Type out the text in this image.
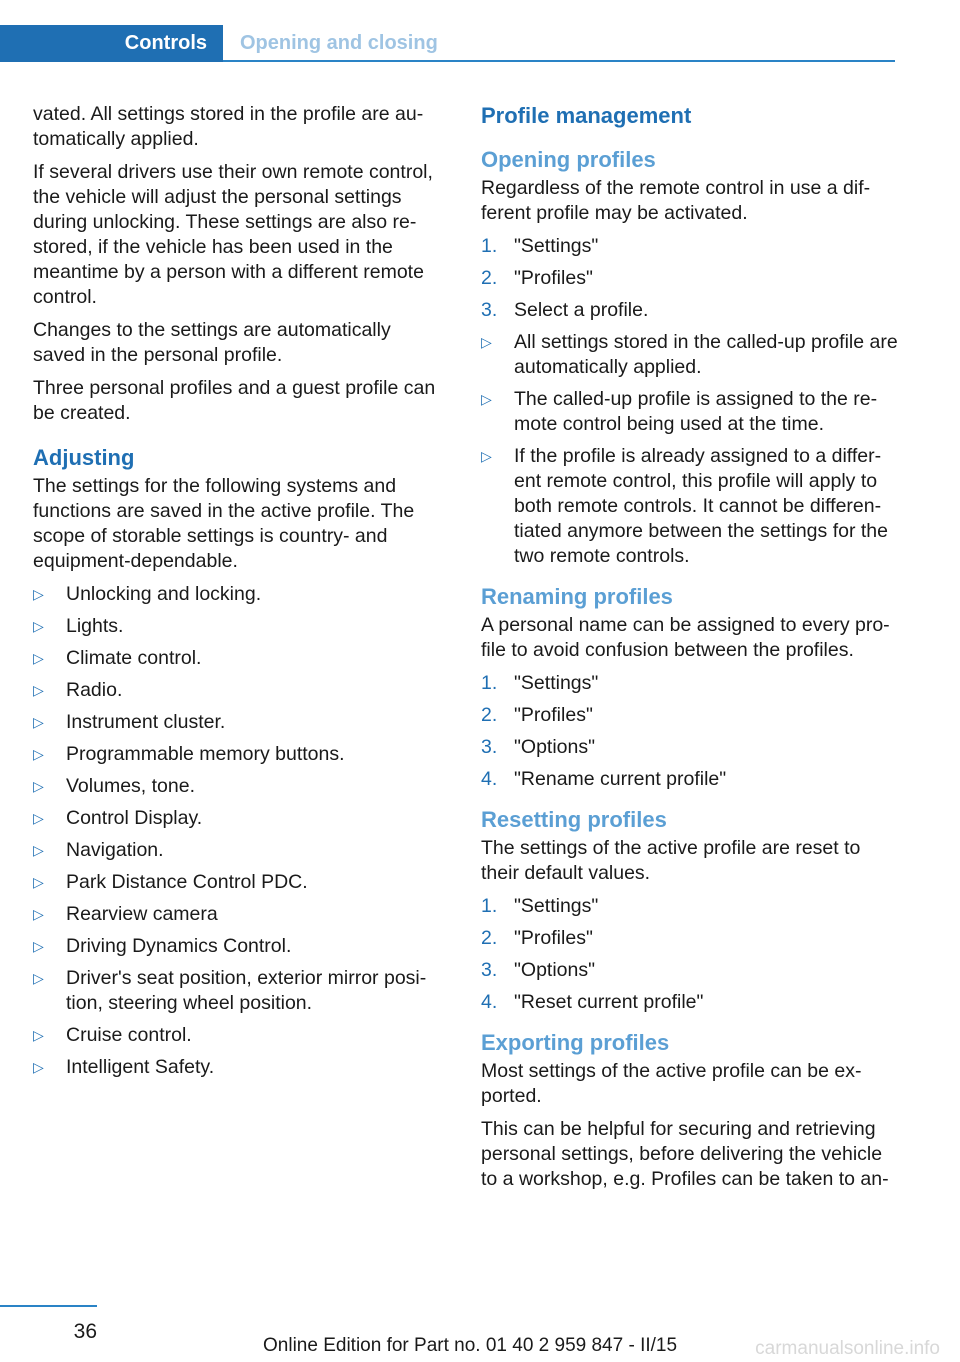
Controls	Opening and closing

vated. All settings stored in the profile are au-tomatically applied.

If several drivers use their own remote control, the vehicle will adjust the personal settings during unlocking. These settings are also re-stored, if the vehicle has been used in the meantime by a person with a different remote control.

Changes to the settings are automatically saved in the personal profile.

Three personal profiles and a guest profile can be created.

Adjusting

The settings for the following systems and functions are saved in the active profile. The scope of storable settings is country- and equipment-dependable.

▷ Unlocking and locking.
▷ Lights.
▷ Climate control.
▷ Radio.
▷ Instrument cluster.
▷ Programmable memory buttons.
▷ Volumes, tone.
▷ Control Display.
▷ Navigation.
▷ Park Distance Control PDC.
▷ Rearview camera
▷ Driving Dynamics Control.
▷ Driver's seat position, exterior mirror posi-tion, steering wheel position.
▷ Cruise control.
▷ Intelligent Safety.
Profile management
Opening profiles

Regardless of the remote control in use a dif-ferent profile may be activated.

1. "Settings"
2. "Profiles"
3. Select a profile.
▷ All settings stored in the called-up profile are automatically applied.
▷ The called-up profile is assigned to the re-mote control being used at the time.
▷ If the profile is already assigned to a differ-ent remote control, this profile will apply to both remote controls. It cannot be differen-tiated anymore between the settings for the two remote controls.
Renaming profiles

A personal name can be assigned to every pro-file to avoid confusion between the profiles.

1. "Settings"
2. "Profiles"
3. "Options"
4. "Rename current profile"
Resetting profiles

The settings of the active profile are reset to their default values.

1. "Settings"
2. "Profiles"
3. "Options"
4. "Reset current profile"
Exporting profiles

Most settings of the active profile can be ex-ported.

This can be helpful for securing and retrieving personal settings, before delivering the vehicle to a workshop, e.g. Profiles can be taken to an-

36
Online Edition for Part no. 01 40 2 959 847 - II/15	carmanualsonline.info
